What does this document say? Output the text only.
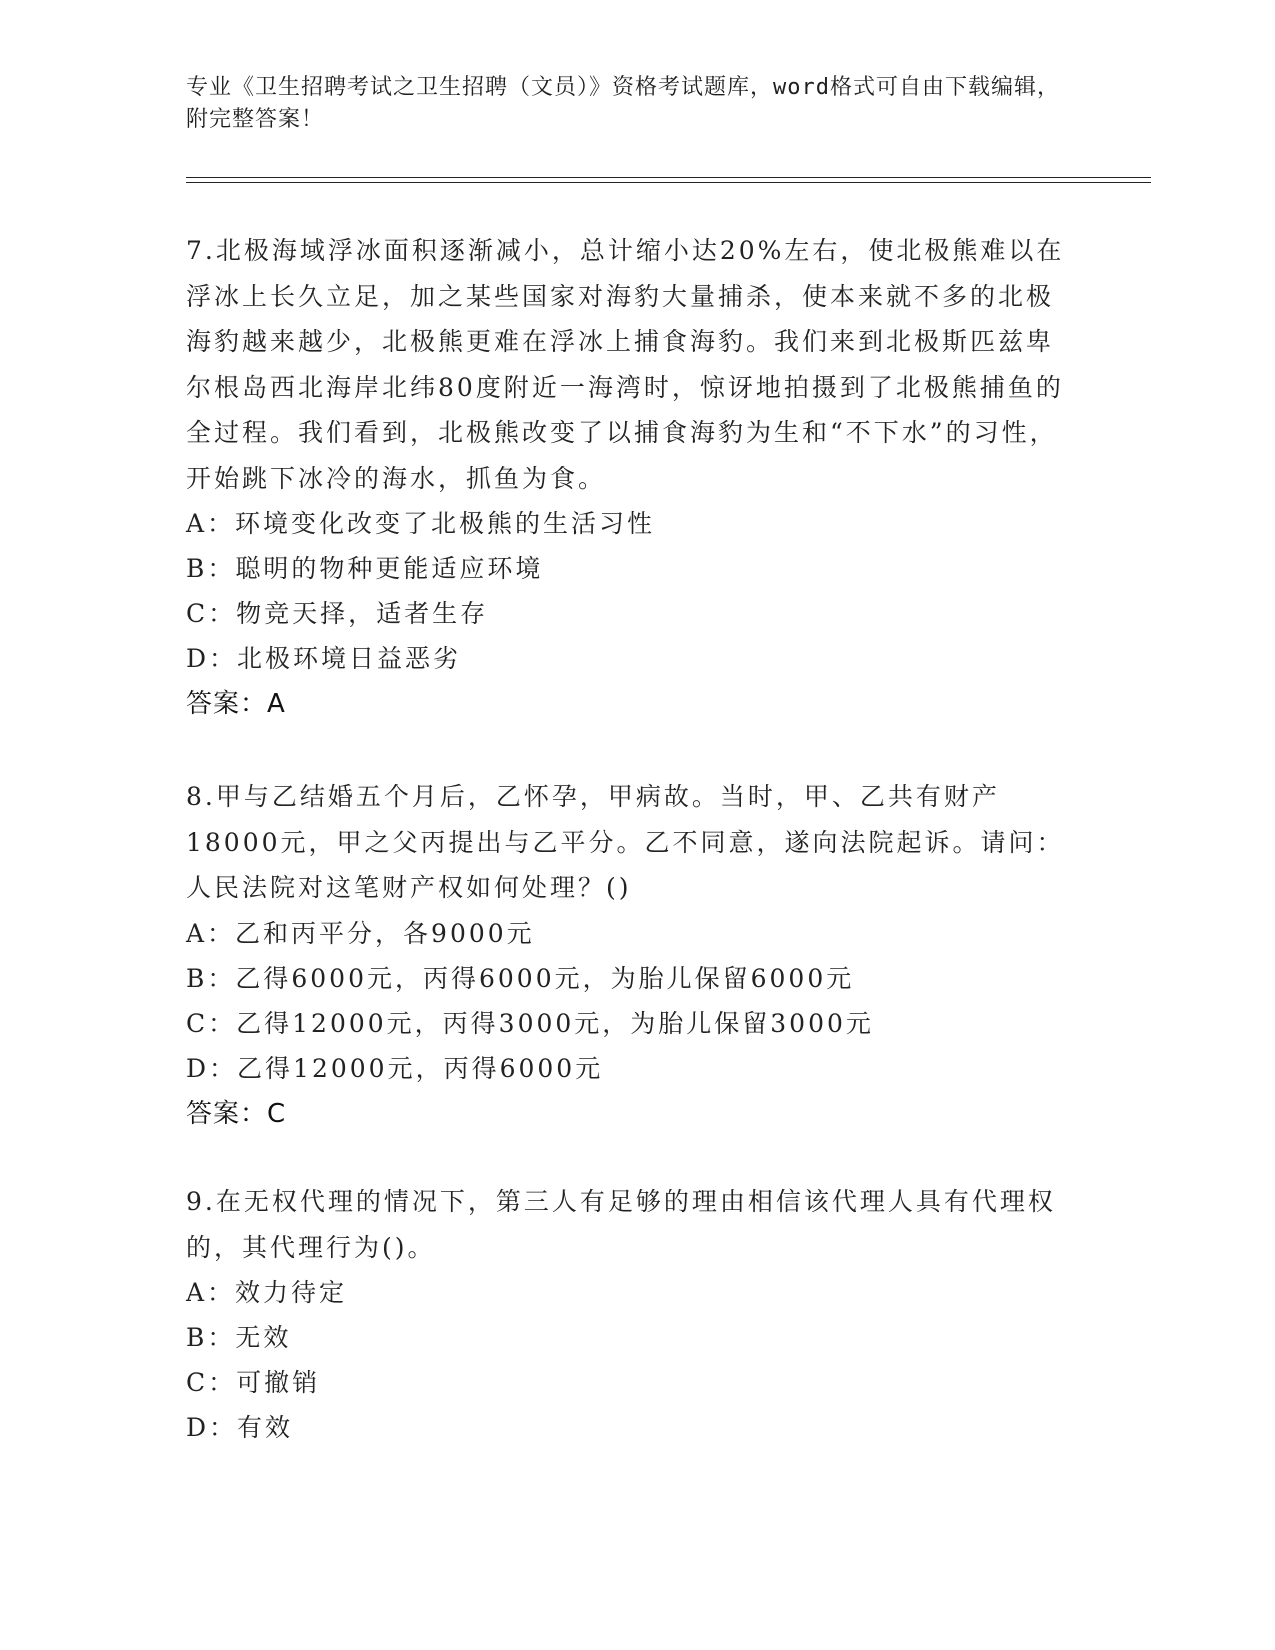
专业《卫生招聘考试之卫生招聘（文员）》资格考试题库，word格式可自由下载编辑，附完整答案！
7.北极海域浮冰面积逐渐减小，总计缩小达20%左右，使北极熊难以在浮冰上长久立足，加之某些国家对海豹大量捕杀，使本来就不多的北极海豹越来越少，北极熊更难在浮冰上捕食海豹。我们来到北极斯匹兹卑尔根岛西北海岸北纬80度附近一海湾时，惊讶地拍摄到了北极熊捕鱼的全过程。我们看到，北极熊改变了以捕食海豹为生和“不下水”的习性，开始跳下冰冷的海水，抓鱼为食。
A：环境变化改变了北极熊的生活习性
B：聪明的物种更能适应环境
C：物竞天择，适者生存
D：北极环境日益恶劣
答案：A
8.甲与乙结婚五个月后，乙怀孕，甲病故。当时，甲、乙共有财产18000元，甲之父丙提出与乙平分。乙不同意，遂向法院起诉。请问：人民法院对这笔财产权如何处理？()
A：乙和丙平分，各9000元
B：乙得6000元，丙得6000元，为胎儿保留6000元
C：乙得12000元，丙得3000元，为胎儿保留3000元
D：乙得12000元，丙得6000元
答案：C
9.在无权代理的情况下，第三人有足够的理由相信该代理人具有代理权的，其代理行为()。
A：效力待定
B：无效
C：可撤销
D：有效
